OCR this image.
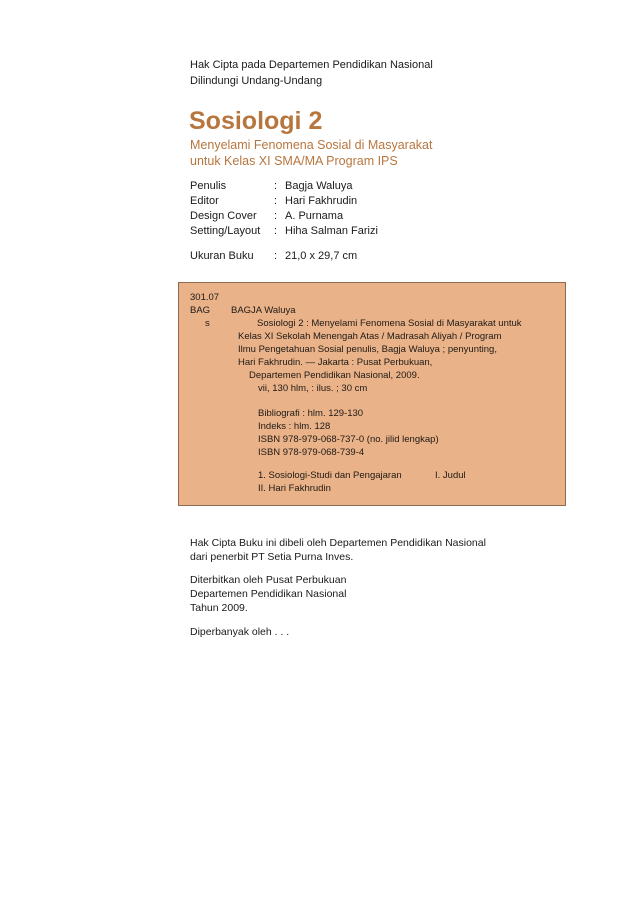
Hak Cipta pada Departemen Pendidikan Nasional
Dilindungi Undang-Undang
Sosiologi 2
Menyelami Fenomena Sosial di Masyarakat
untuk Kelas XI SMA/MA Program IPS
Penulis	:	Bagja Waluya
Editor	:	Hari Fakhrudin
Design Cover	:	A. Purnama
Setting/Layout	:	Hiha Salman Farizi
Ukuran Buku	:	21,0 x 29,7 cm
301.07
BAG
s
BAGJA Waluya
Sosiologi 2 : Menyelami Fenomena Sosial di Masyarakat untuk
Kelas XI Sekolah Menengah Atas / Madrasah Aliyah / Program
Ilmu Pengetahuan Sosial penulis, Bagja Waluya ; penyunting,
Hari Fakhrudin. — Jakarta : Pusat Perbukuan,
Departemen Pendidikan Nasional, 2009.
vii, 130 hlm, : ilus. ; 30 cm
Bibliografi : hlm. 129-130
Indeks : hlm. 128
ISBN 978-979-068-737-0 (no. jilid lengkap)
ISBN 978-979-068-739-4
1. Sosiologi-Studi dan Pengajaran	I. Judul
II. Hari Fakhrudin
Hak Cipta Buku ini dibeli oleh Departemen Pendidikan Nasional
dari penerbit PT Setia Purna Inves.
Diterbitkan oleh Pusat Perbukuan
Departemen Pendidikan Nasional
Tahun 2009.
Diperbanyak oleh . . .
